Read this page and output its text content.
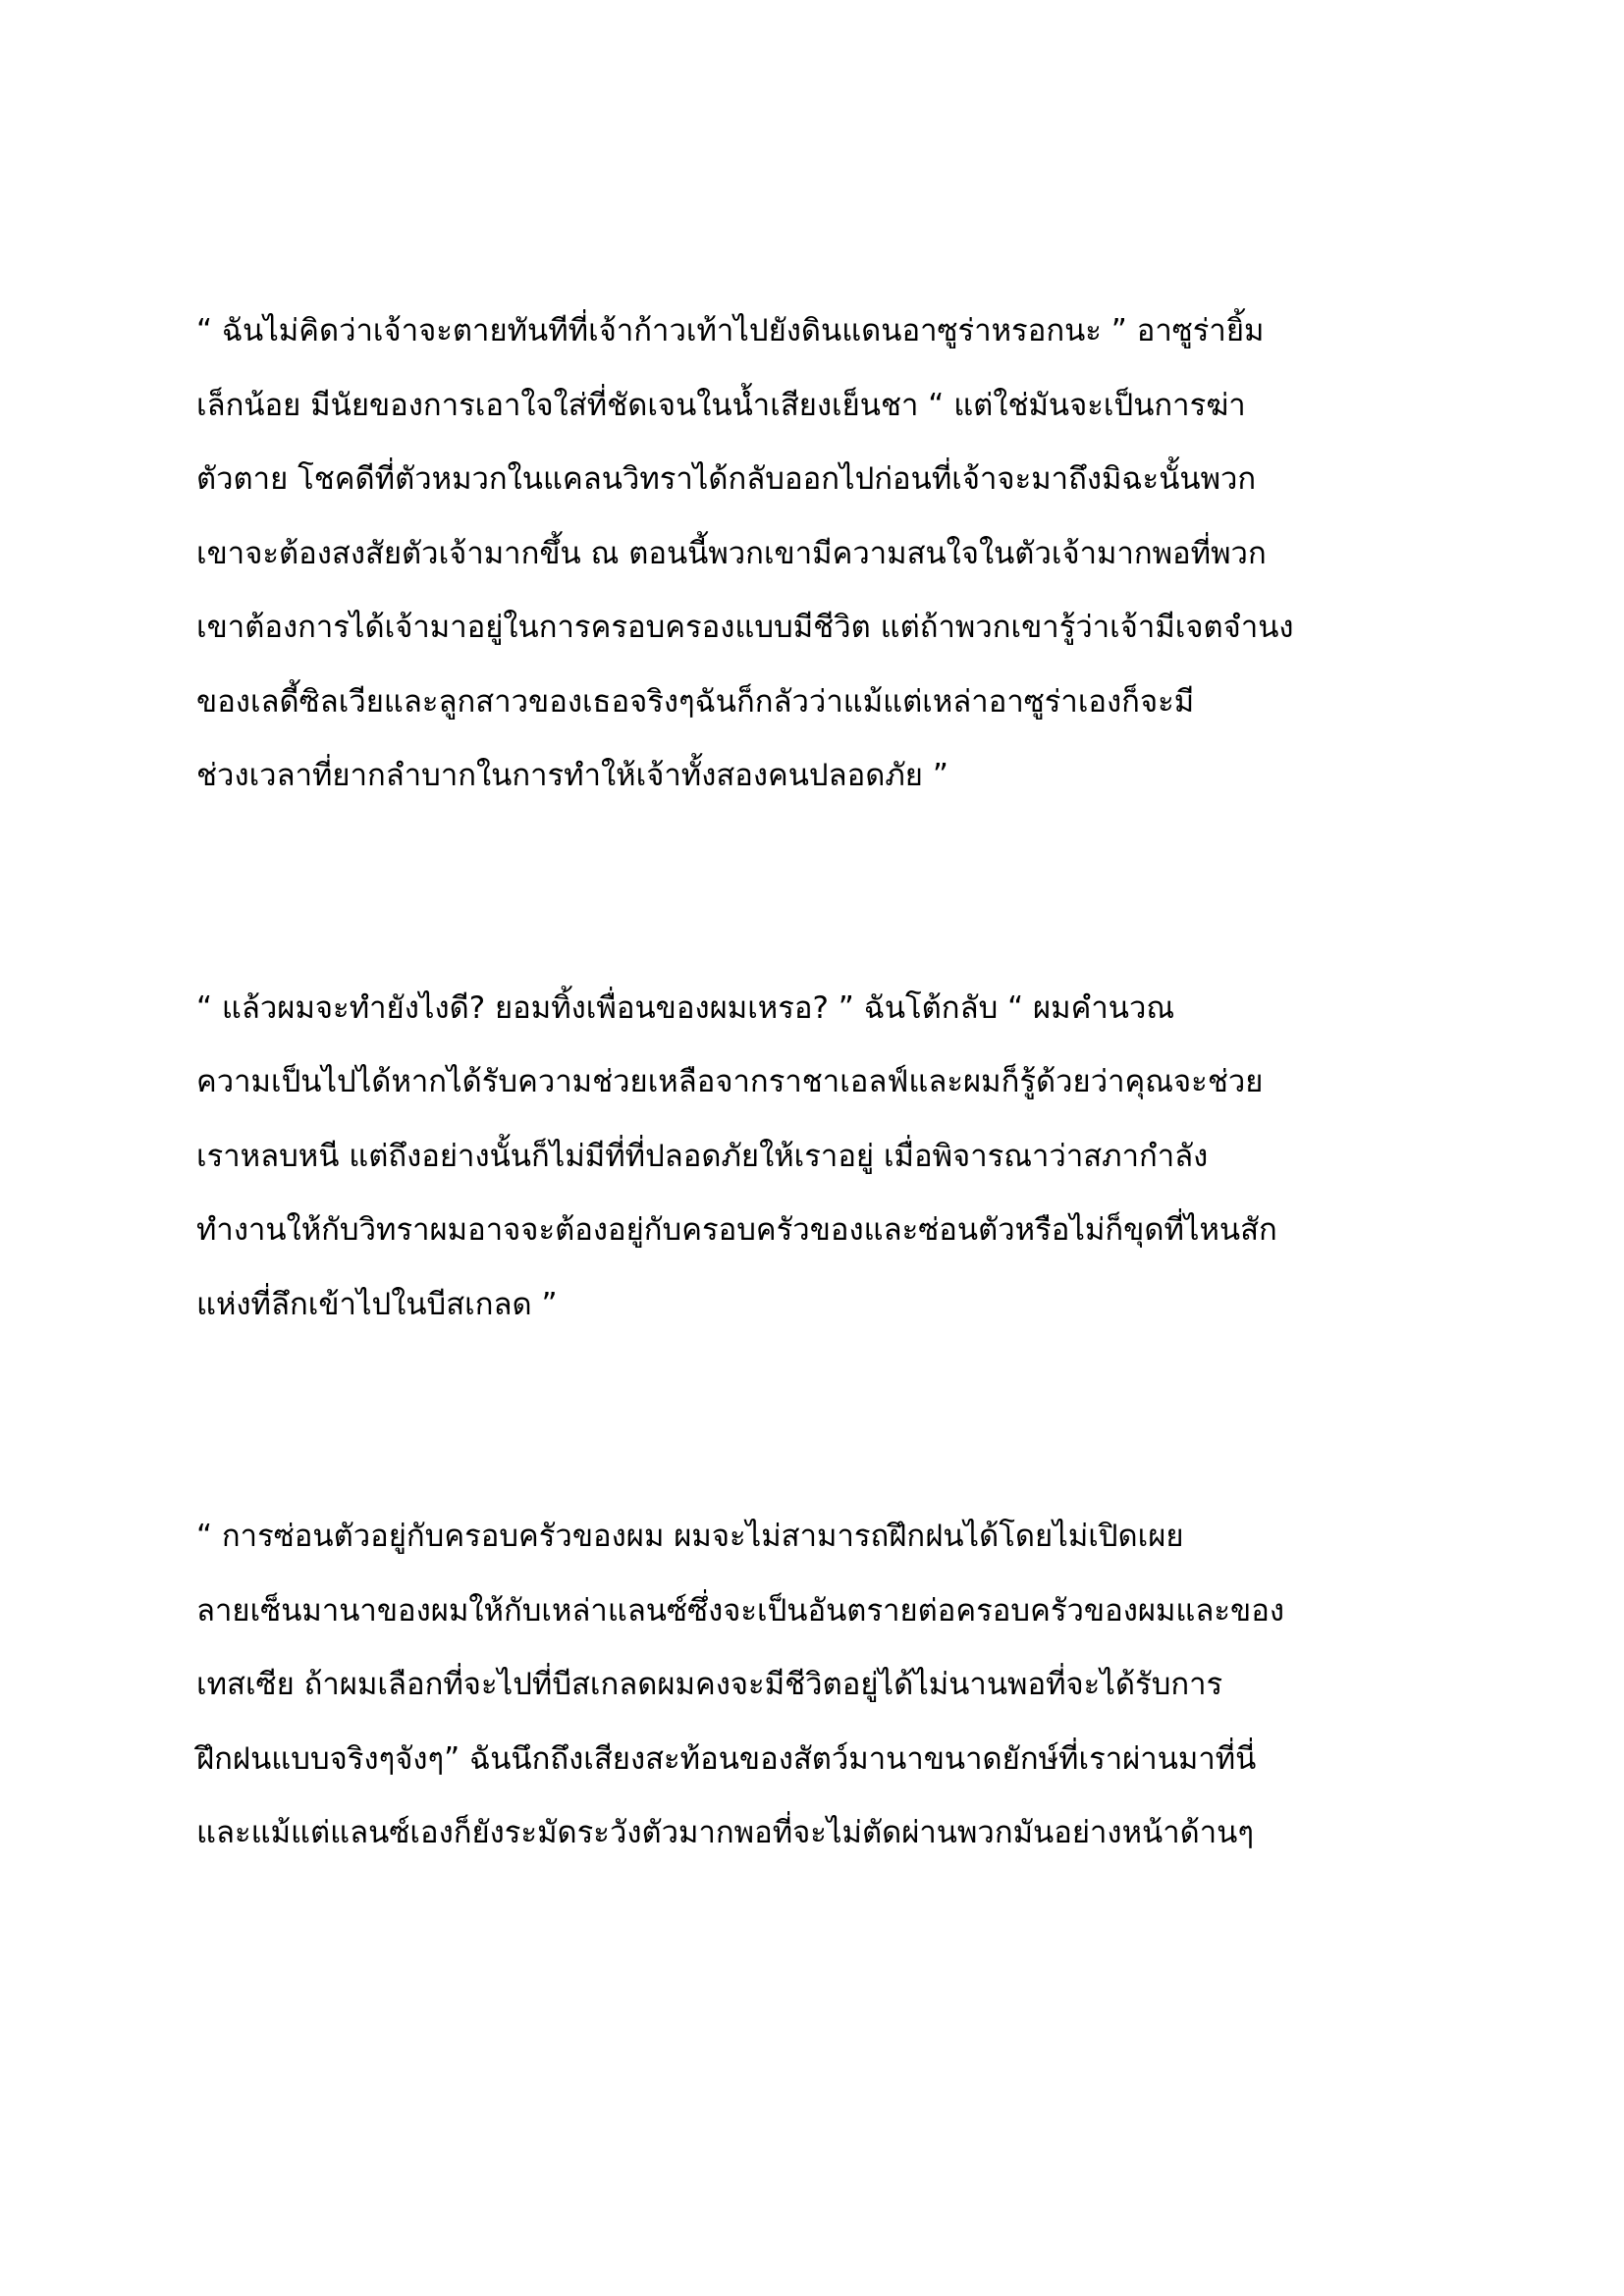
“ ฉันไม่คิดว่าเจ้าจะตายทันทีที่เจ้าก้าวเท้าไปยังดินแดนอาซูร่าหรอกนะ ” อาซูร่ายิ้ม
เล็กน้อย มีนัยของการเอาใจใส่ที่ชัดเจนในน้ำเสียงเย็นชา “ แต่ใช่มันจะเป็นการฆ่า
ตัวตาย โชคดีที่ตัวหมวกในแคลนวิทราได้กลับออกไปก่อนที่เจ้าจะมาถึงมิฉะนั้นพวก
เขาจะต้องสงสัยตัวเจ้ามากขึ้น ณ ตอนนี้พวกเขามีความสนใจในตัวเจ้ามากพอที่พวก
เขาต้องการได้เจ้ามาอยู่ในการครอบครองแบบมีชีวิต แต่ถ้าพวกเขารู้ว่าเจ้ามีเจตจำนง
ของเลดี้ซิลเวียและลูกสาวของเธอจริงๆฉันก็กลัวว่าแม้แต่เหล่าอาซูร่าเองก็จะมี
ช่วงเวลาที่ยากลำบากในการทำให้เจ้าทั้งสองคนปลอดภัย ”

“ แล้วผมจะทำยังไงดี? ยอมทิ้งเพื่อนของผมเหรอ? ” ฉันโต้กลับ “ ผมคำนวณ
ความเป็นไปได้หากได้รับความช่วยเหลือจากราชาเอลฟ์และผมก็รู้ด้วยว่าคุณจะช่วย
เราหลบหนี แต่ถึงอย่างนั้นก็ไม่มีที่ที่ปลอดภัยให้เราอยู่ เมื่อพิจารณาว่าสภากำลัง
ทำงานให้กับวิทราผมอาจจะต้องอยู่กับครอบครัวของและซ่อนตัวหรือไม่ก็ขุดที่ไหนสัก
แห่งที่ลึกเข้าไปในบีสเกลด ”

“ การซ่อนตัวอยู่กับครอบครัวของผม ผมจะไม่สามารถฝึกฝนได้โดยไม่เปิดเผย
ลายเซ็นมานาของผมให้กับเหล่าแลนซ์ซึ่งจะเป็นอันตรายต่อครอบครัวของผมและของ
เทสเซีย ถ้าผมเลือกที่จะไปที่บีสเกลดผมคงจะมีชีวิตอยู่ได้ไม่นานพอที่จะได้รับการ
ฝึกฝนแบบจริงๆจังๆ” ฉันนึกถึงเสียงสะท้อนของสัตว์มานาขนาดยักษ์ที่เราผ่านมาที่นี่
และแม้แต่แลนซ์เองก็ยังระมัดระวังตัวมากพอที่จะไม่ตัดผ่านพวกมันอย่างหน้าด้านๆ
